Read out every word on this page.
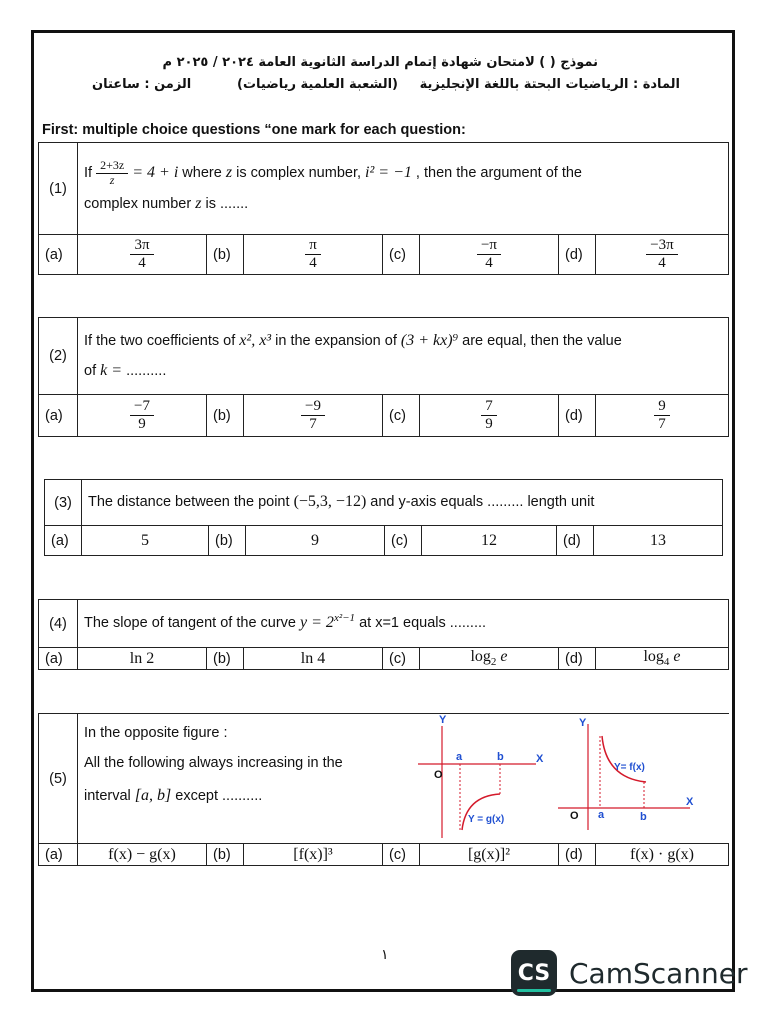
نموذج ( ) لامتحان شهادة إتمام الدراسة الثانوية العامة ٢٠٢٤ / ٢٠٢٥ م
المادة : الرياضيات البحتة باللغة الإنجليزية
(الشعبة العلمية رياضيات)
الزمن : ساعتان
First: multiple choice questions “one mark for each question:
(1)	If $\frac{2+3z}{z} = 4 + i$ where z is complex number, i² = −1 , then the argument of the
complex number z is .......						
(a)	$\frac{3\pi}{4}$	(b)	$\frac{\pi}{4}$	(c)	$\frac{-\pi}{4}$	(d)	$\frac{-3\pi}{4}$
(2)	If the two coefficients of x², x³ in the expansion of (3 + kx)⁹ are equal, then the value
of k = ..........						
(a)	$\frac{-7}{9}$	(b)	$\frac{-9}{7}$	(c)	$\frac{7}{9}$	(d)	$\frac{9}{7}$
(3)	The distance between the point (−5,3, −12) and y-axis equals ......... length unit						
(a)	5	(b)	9	(c)	12	(d)	13
(4)	The slope of tangent of the curve $y = 2^{x^2-1}$ at x=1 equals .........						
(a)	ln 2	(b)	ln 4	(c)	$\log_2 e$	(d)	$\log_4 e$
(5)	In the opposite figure :
All the following always increasing in the
interval [a, b] except ..........						

(a)	f(x) − g(x)	(b)	[f(x)]³	(c)	[g(x)]²	(d)	f(x) · g(x)
Y
X
O
a	b
Y = g(x)
Y
X
O a	b
Y= f(x)
١
CS CamScanner
